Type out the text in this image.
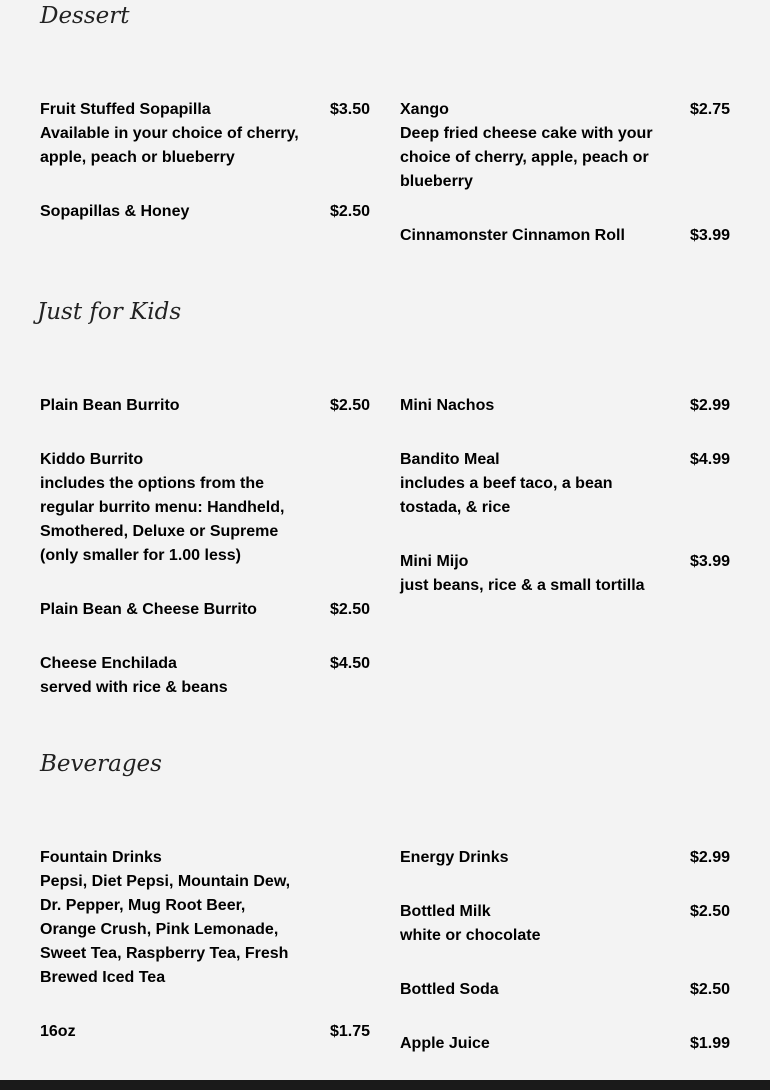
Dessert
Fruit Stuffed Sopapilla	$3.50
Available in your choice of cherry, apple, peach or blueberry
Sopapillas & Honey	$2.50
Xango	$2.75
Deep fried cheese cake with your choice of cherry, apple, peach or blueberry
Cinnamonster Cinnamon Roll	$3.99
Just for Kids
Plain Bean Burrito	$2.50
Kiddo Burrito
includes the options from the regular burrito menu: Handheld, Smothered, Deluxe or Supreme (only smaller for 1.00 less)
Plain Bean & Cheese Burrito	$2.50
Cheese Enchilada	$4.50
served with rice & beans
Mini Nachos	$2.99
Bandito Meal	$4.99
includes a beef taco, a bean tostada, & rice
Mini Mijo	$3.99
just beans, rice & a small tortilla
Beverages
Fountain Drinks
Pepsi, Diet Pepsi, Mountain Dew, Dr. Pepper, Mug Root Beer, Orange Crush, Pink Lemonade, Sweet Tea, Raspberry Tea, Fresh Brewed Iced Tea
16oz	$1.75
Energy Drinks	$2.99
Bottled Milk	$2.50
white or chocolate
Bottled Soda	$2.50
Apple Juice	$1.99
